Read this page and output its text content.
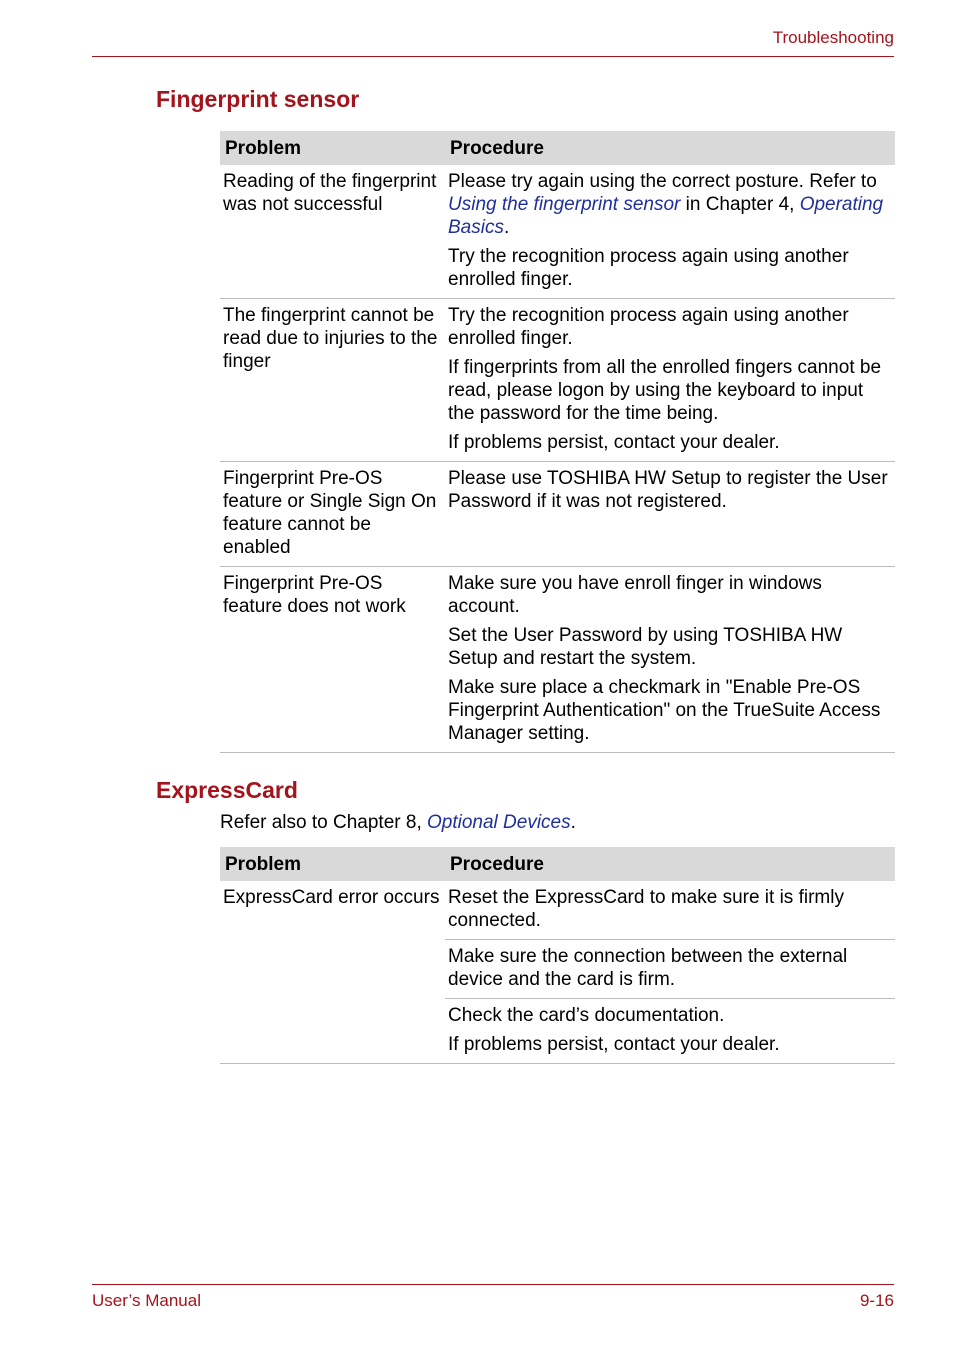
Troubleshooting
Fingerprint sensor
Problem	Procedure
Reading of the fingerprint was not successful	Please try again using the correct posture. Refer to Using the fingerprint sensor in Chapter 4, Operating Basics.

Try the recognition process again using another enrolled finger.

The fingerprint cannot be read due to injuries to the finger	Try the recognition process again using another enrolled finger.

If fingerprints from all the enrolled fingers cannot be read, please logon by using the keyboard to input the password for the time being.

If problems persist, contact your dealer.

Fingerprint Pre-OS feature or Single Sign On feature cannot be enabled	Please use TOSHIBA HW Setup to register the User Password if it was not registered.

Fingerprint Pre-OS feature does not work	Make sure you have enroll finger in windows account.

Set the User Password by using TOSHIBA HW Setup and restart the system.

Make sure place a checkmark in "Enable Pre-OS Fingerprint Authentication" on the TrueSuite Access Manager setting.

ExpressCard
Refer also to Chapter 8, Optional Devices.
Problem	Procedure
ExpressCard error occurs	Reset the ExpressCard to make sure it is firmly connected.

	Make sure the connection between the external device and the card is firm.

	Check the card’s documentation.

If problems persist, contact your dealer.

User’s Manual	9-16
